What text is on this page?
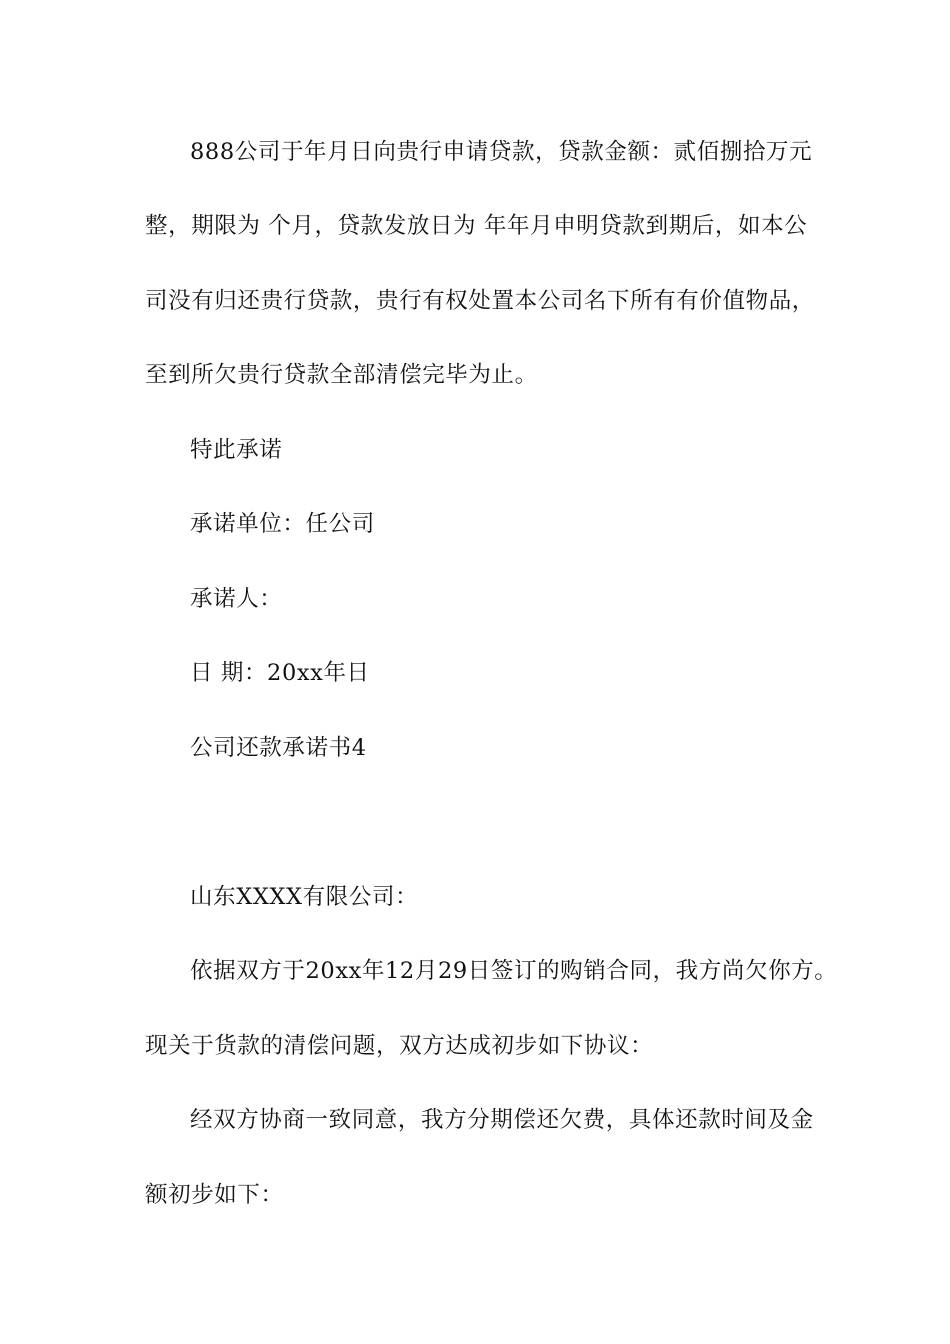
888公司于年月日向贵行申请贷款，贷款金额：贰佰捌拾万元
整，期限为 个月，贷款发放日为 年年月申明贷款到期后，如本公
司没有归还贵行贷款，贵行有权处置本公司名下所有有价值物品，
至到所欠贵行贷款全部清偿完毕为止。
特此承诺
承诺单位：任公司
承诺人：
日 期：20xx年日
公司还款承诺书4
山东XXXX有限公司：
依据双方于20xx年12月29日签订的购销合同，我方尚欠你方。
现关于货款的清偿问题，双方达成初步如下协议：
经双方协商一致同意，我方分期偿还欠费，具体还款时间及金
额初步如下：
